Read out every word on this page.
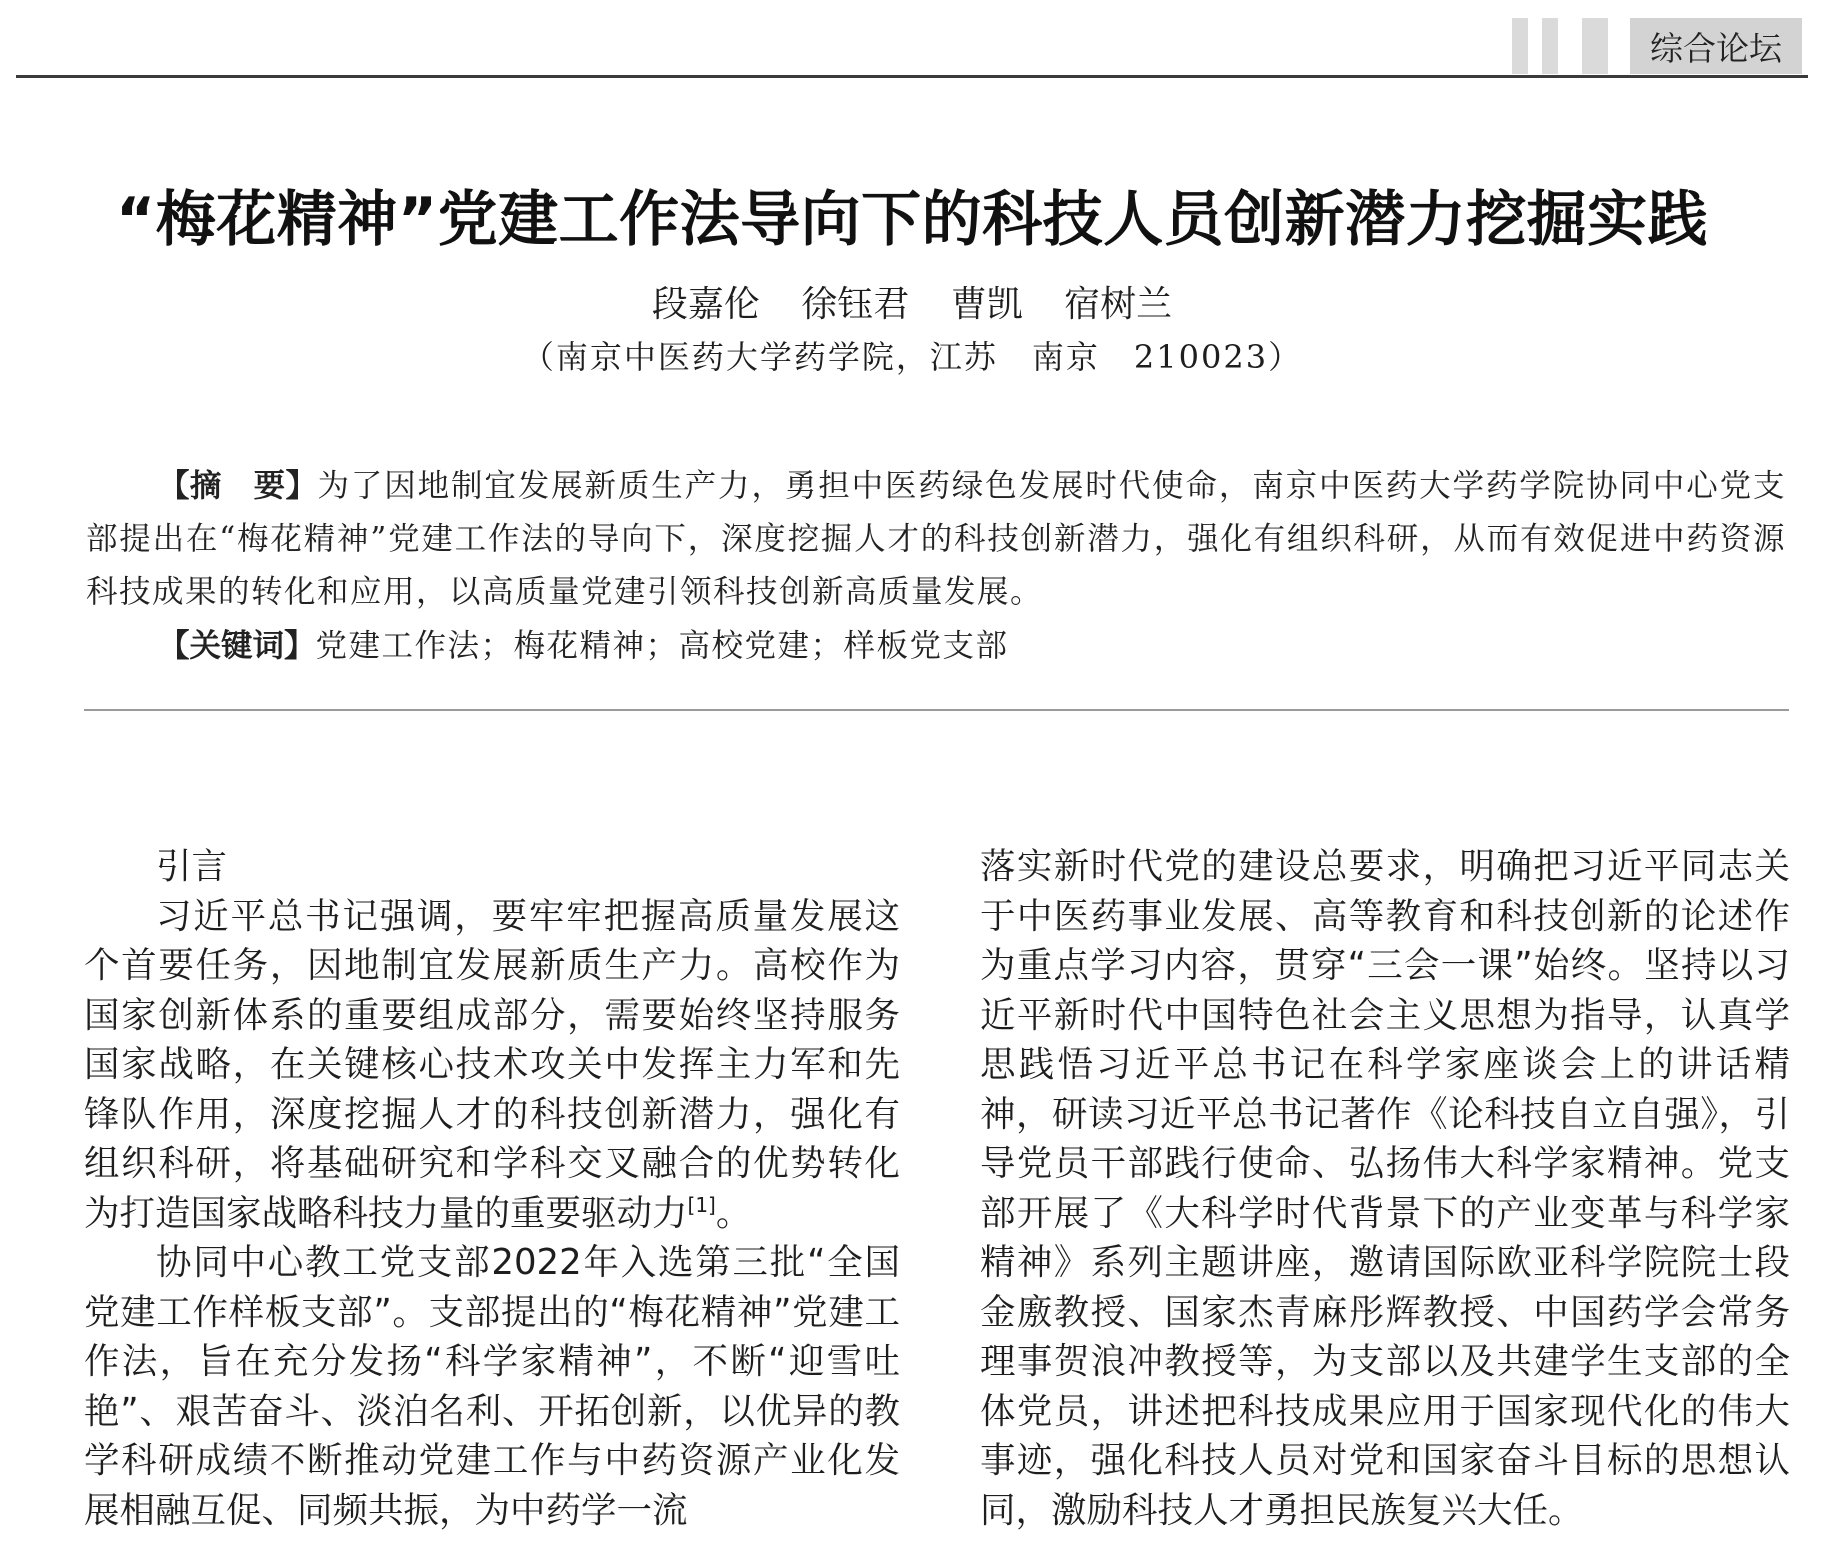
综合论坛
“梅花精神”党建工作法导向下的科技人员创新潜力挖掘实践
段嘉伦 徐钰君 曹凯 宿树兰
（南京中医药大学药学院，江苏　南京　210023）
【摘　要】为了因地制宜发展新质生产力，勇担中医药绿色发展时代使命，南京中医药大学药学院协同中心党支部提出在“梅花精神”党建工作法的导向下，深度挖掘人才的科技创新潜力，强化有组织科研，从而有效促进中药资源科技成果的转化和应用，以高质量党建引领科技创新高质量发展。
【关键词】党建工作法；梅花精神；高校党建；样板党支部
引言

习近平总书记强调，要牢牢把握高质量发展这个首要任务，因地制宜发展新质生产力。高校作为国家创新体系的重要组成部分，需要始终坚持服务国家战略，在关键核心技术攻关中发挥主力军和先锋队作用，深度挖掘人才的科技创新潜力，强化有组织科研，将基础研究和学科交叉融合的优势转化为打造国家战略科技力量的重要驱动力[1]。

协同中心教工党支部2022年入选第三批“全国党建工作样板支部”。支部提出的“梅花精神”党建工作法，旨在充分发扬“科学家精神”，不断“迎雪吐艳”、艰苦奋斗、淡泊名利、开拓创新，以优异的教学科研成绩不断推动党建工作与中药资源产业化发展相融互促、同频共振，为中药学一流

落实新时代党的建设总要求，明确把习近平同志关于中医药事业发展、高等教育和科技创新的论述作为重点学习内容，贯穿“三会一课”始终。坚持以习近平新时代中国特色社会主义思想为指导，认真学思践悟习近平总书记在科学家座谈会上的讲话精神，研读习近平总书记著作《论科技自立自强》，引导党员干部践行使命、弘扬伟大科学家精神。党支部开展了《大科学时代背景下的产业变革与科学家精神》系列主题讲座，邀请国际欧亚科学院院士段金廒教授、国家杰青麻彤辉教授、中国药学会常务理事贺浪冲教授等，为支部以及共建学生支部的全体党员，讲述把科技成果应用于国家现代化的伟大事迹，强化科技人员对党和国家奋斗目标的思想认同，激励科技人才勇担民族复兴大任。
